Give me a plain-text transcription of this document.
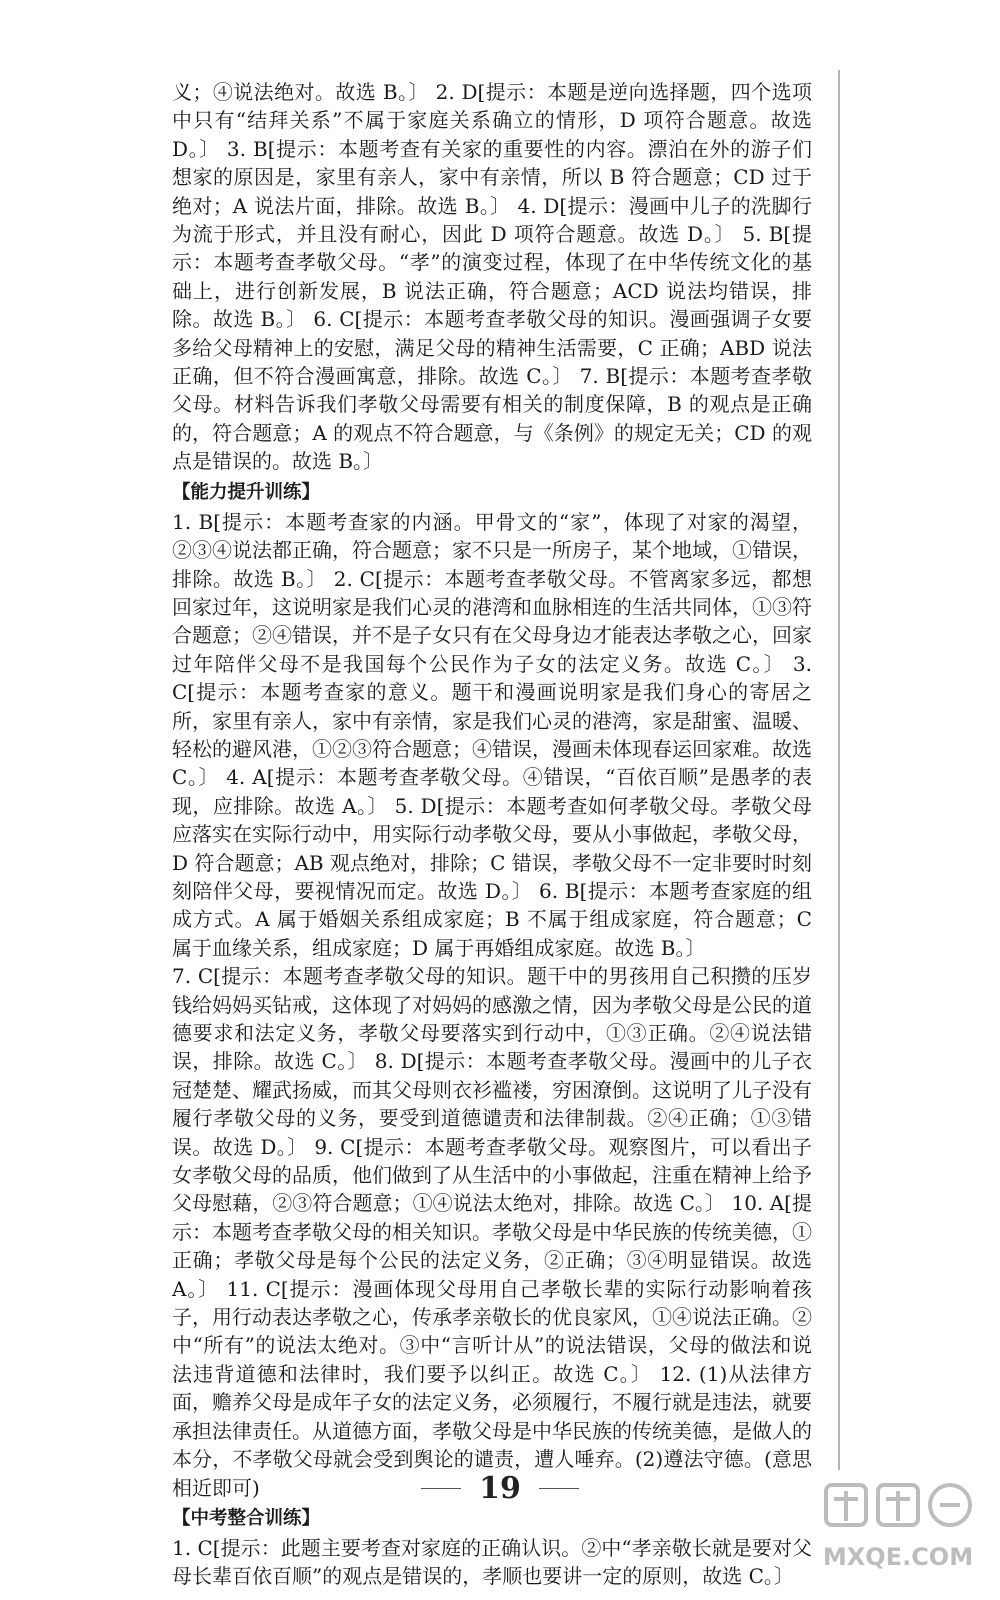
义；④说法绝对。故选 B。〕 2. D[提示：本题是逆向选择题，四个选项中只有“结拜关系”不属于家庭关系确立的情形，D 项符合题意。故选 D。〕 3. B[提示：本题考查有关家的重要性的内容。漂泊在外的游子们想家的原因是，家里有亲人，家中有亲情，所以 B 符合题意；CD 过于绝对；A 说法片面，排除。故选 B。〕 4. D[提示：漫画中儿子的洗脚行为流于形式，并且没有耐心，因此 D 项符合题意。故选 D。〕 5. B[提示：本题考查孝敬父母。“孝”的演变过程，体现了在中华传统文化的基础上，进行创新发展，B 说法正确，符合题意；ACD 说法均错误，排除。故选 B。〕 6. C[提示：本题考查孝敬父母的知识。漫画强调子女要多给父母精神上的安慰，满足父母的精神生活需要，C 正确；ABD 说法正确，但不符合漫画寓意，排除。故选 C。〕 7. B[提示：本题考查孝敬父母。材料告诉我们孝敬父母需要有相关的制度保障，B 的观点是正确的，符合题意；A 的观点不符合题意，与《条例》的规定无关；CD 的观点是错误的。故选 B。〕

【能力提升训练】

1. B[提示：本题考查家的内涵。甲骨文的“家”，体现了对家的渴望，②③④说法都正确，符合题意；家不只是一所房子，某个地域，①错误，排除。故选 B。〕 2. C[提示：本题考查孝敬父母。不管离家多远，都想回家过年，这说明家是我们心灵的港湾和血脉相连的生活共同体，①③符合题意；②④错误，并不是子女只有在父母身边才能表达孝敬之心，回家过年陪伴父母不是我国每个公民作为子女的法定义务。故选 C。〕 3. C[提示：本题考查家的意义。题干和漫画说明家是我们身心的寄居之所，家里有亲人，家中有亲情，家是我们心灵的港湾，家是甜蜜、温暖、轻松的避风港，①②③符合题意；④错误，漫画未体现春运回家难。故选 C。〕 4. A[提示：本题考查孝敬父母。④错误，“百依百顺”是愚孝的表现，应排除。故选 A。〕 5. D[提示：本题考查如何孝敬父母。孝敬父母应落实在实际行动中，用实际行动孝敬父母，要从小事做起，孝敬父母，D 符合题意；AB 观点绝对，排除；C 错误，孝敬父母不一定非要时时刻刻陪伴父母，要视情况而定。故选 D。〕 6. B[提示：本题考查家庭的组成方式。A 属于婚姻关系组成家庭；B 不属于组成家庭，符合题意；C 属于血缘关系，组成家庭；D 属于再婚组成家庭。故选 B。〕

7. C[提示：本题考查孝敬父母的知识。题干中的男孩用自己积攒的压岁钱给妈妈买钻戒，这体现了对妈妈的感激之情，因为孝敬父母是公民的道德要求和法定义务，孝敬父母要落实到行动中，①③正确。②④说法错误，排除。故选 C。〕 8. D[提示：本题考查孝敬父母。漫画中的儿子衣冠楚楚、耀武扬威，而其父母则衣衫褴褛，穷困潦倒。这说明了儿子没有履行孝敬父母的义务，要受到道德谴责和法律制裁。②④正确；①③错误。故选 D。〕 9. C[提示：本题考查孝敬父母。观察图片，可以看出子女孝敬父母的品质，他们做到了从生活中的小事做起，注重在精神上给予父母慰藉，②③符合题意；①④说法太绝对，排除。故选 C。〕 10. A[提示：本题考查孝敬父母的相关知识。孝敬父母是中华民族的传统美德，①正确；孝敬父母是每个公民的法定义务，②正确；③④明显错误。故选 A。〕 11. C[提示：漫画体现父母用自己孝敬长辈的实际行动影响着孩子，用行动表达孝敬之心，传承孝亲敬长的优良家风，①④说法正确。②中“所有”的说法太绝对。③中“言听计从”的说法错误，父母的做法和说法违背道德和法律时，我们要予以纠正。故选 C。〕 12. (1)从法律方面，赡养父母是成年子女的法定义务，必须履行，不履行就是违法，就要承担法律责任。从道德方面，孝敬父母是中华民族的传统美德，是做人的本分，不孝敬父母就会受到舆论的谴责，遭人唾弃。(2)遵法守德。(意思相近即可)

【中考整合训练】

1. C[提示：此题主要考查对家庭的正确认识。②中“孝亲敬长就是要对父母长辈百依百顺”的观点是错误的，孝顺也要讲一定的原则，故选 C。〕

19
MXQE.COM
